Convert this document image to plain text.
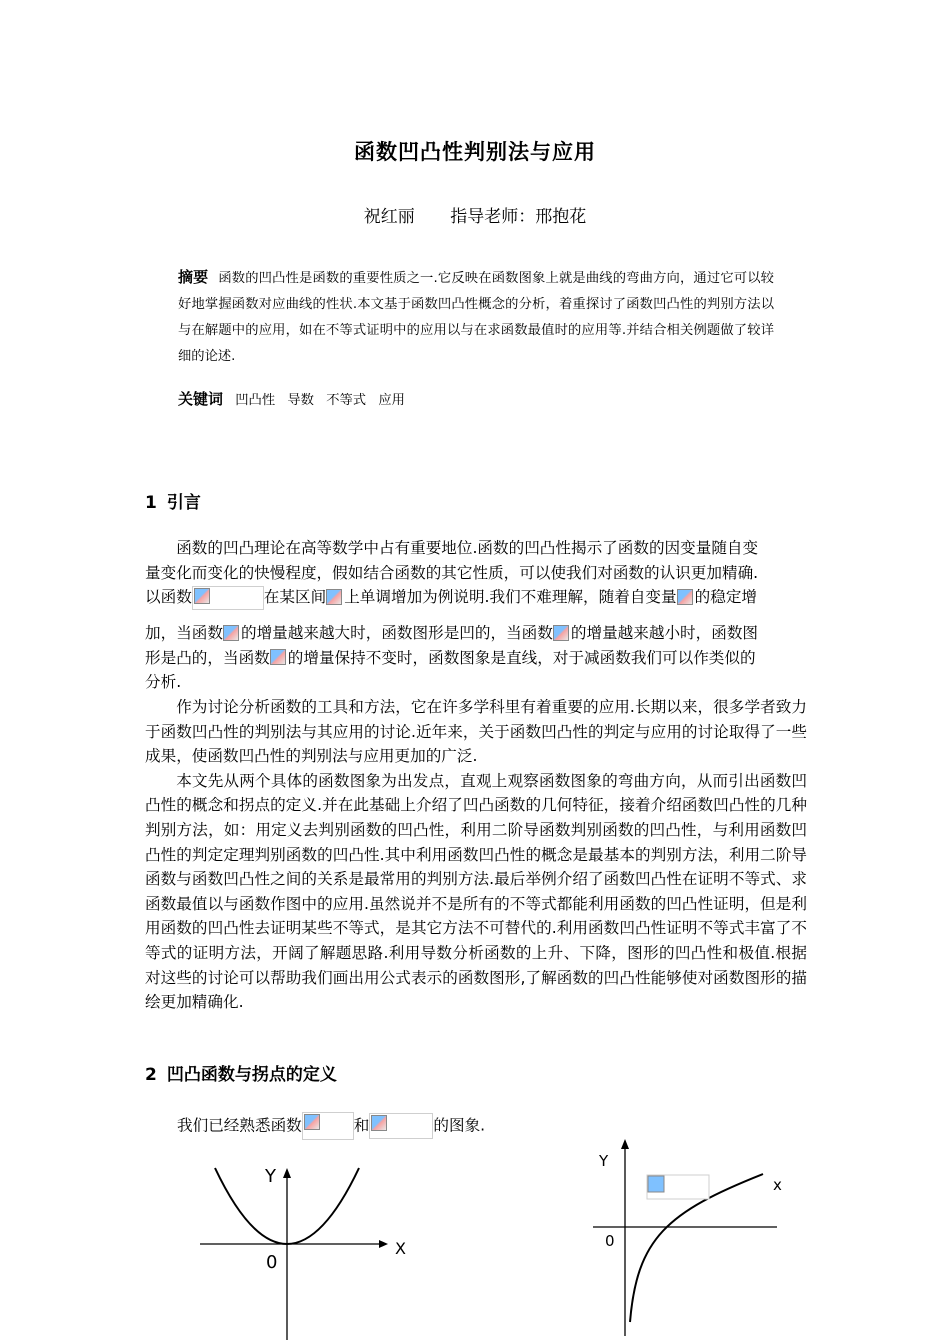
函数凹凸性判别法与应用
祝红丽 指导老师：邢抱花
摘要 函数的凹凸性是函数的重要性质之一.它反映在函数图象上就是曲线的弯曲方向，通过它可以较好地掌握函数对应曲线的性状.本文基于函数凹凸性概念的分析，着重探讨了函数凹凸性的判别方法以与在解题中的应用，如在不等式证明中的应用以与在求函数最值时的应用等.并结合相关例题做了较详细的论述.
关键词 凹凸性 导数 不等式 应用
1 引言
函数的凹凸理论在高等数学中占有重要地位.函数的凹凸性揭示了函数的因变量随自变
量变化而变化的快慢程度，假如结合函数的其它性质，可以使我们对函数的认识更加精确.
以函数	在某区间 上单调增加为例说明.我们不难理解，随着自变量 的稳定增
加，当函数 的增量越来越大时，函数图形是凹的，当函数 的增量越来越小时，函数图
形是凸的，当函数 的增量保持不变时，函数图象是直线，对于减函数我们可以作类似的
分析.

作为讨论分析函数的工具和方法，它在许多学科里有着重要的应用.长期以来，很多学者致力于函数凹凸性的判别法与其应用的讨论.近年来，关于函数凹凸性的判定与应用的讨论取得了一些成果，使函数凹凸性的判别法与应用更加的广泛.

本文先从两个具体的函数图象为出发点，直观上观察函数图象的弯曲方向，从而引出函数凹凸性的概念和拐点的定义.并在此基础上介绍了凹凸函数的几何特征，接着介绍函数凹凸性的几种判别方法，如：用定义去判别函数的凹凸性，利用二阶导函数判别函数的凹凸性，与利用函数凹凸性的判定定理判别函数的凹凸性.其中利用函数凹凸性的概念是最基本的判别方法，利用二阶导函数与函数凹凸性之间的关系是最常用的判别方法.最后举例介绍了函数凹凸性在证明不等式、求函数最值以与函数作图中的应用.虽然说并不是所有的不等式都能利用函数的凹凸性证明，但是利用函数的凹凸性去证明某些不等式，是其它方法不可替代的.利用函数凹凸性证明不等式丰富了不等式的证明方法，开阔了解题思路.利用导数分析函数的上升、下降，图形的凹凸性和极值.根据对这些的讨论可以帮助我们画出用公式表示的函数图形,了解函数的凹凸性能够使对函数图形的描绘更加精确化.

2 凹凸函数与拐点的定义
我们已经熟悉函数	和	的图象.
Y
X
0
Y
x
0
